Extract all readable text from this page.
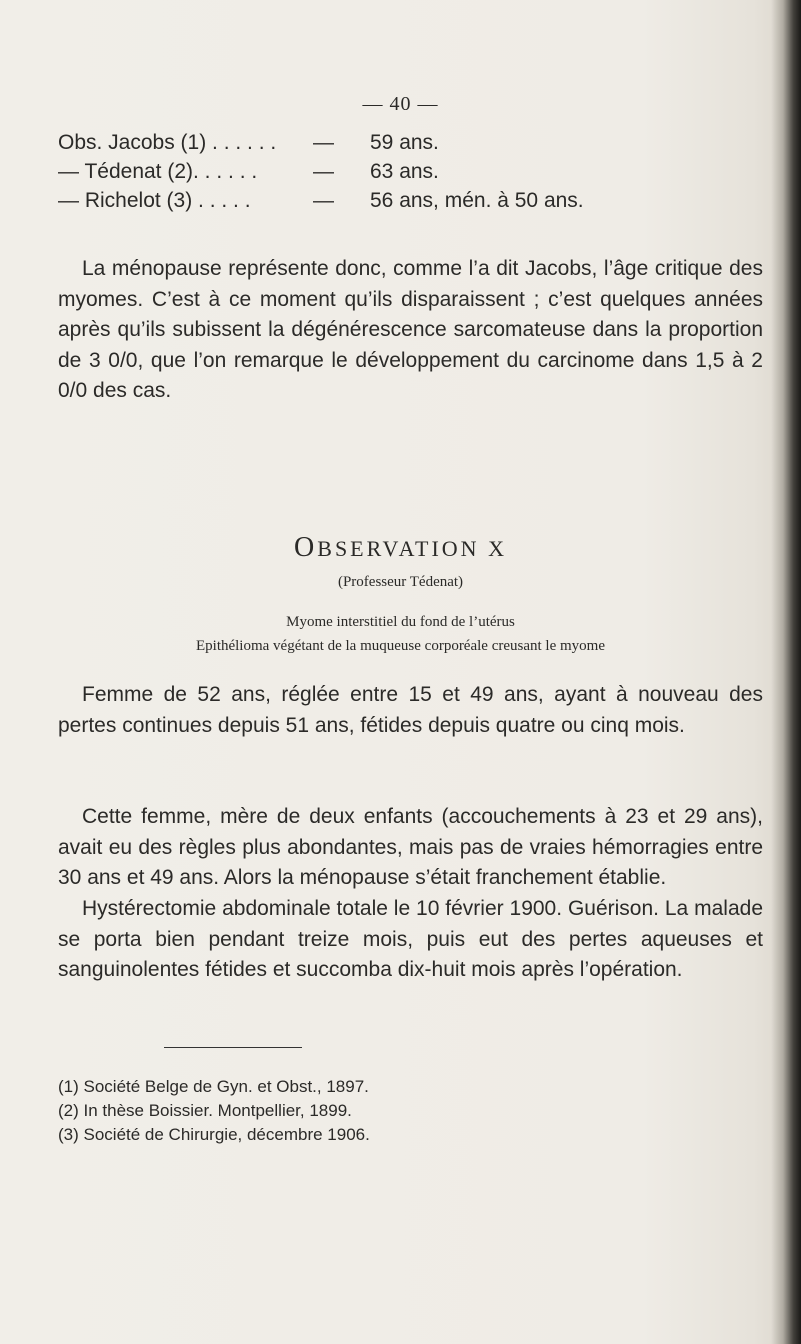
— 40 —
Obs. Jacobs (1) . . . . . . — 59 ans.
— Tédenat (2). . . . . .	— 63 ans.
— Richelot (3) . . . . .	— 56 ans, mén. à 50 ans.

La ménopause représente donc, comme l’a dit Jacobs, l’âge critique des myomes. C’est à ce moment qu’ils disparaissent ; c’est quelques années après qu’ils subissent la dégénérescence sarcomateuse dans la proportion de 3 0/0, que l’on remarque le développement du carcinome dans 1,5 à 2 0/0 des cas.

OBSERVATION X
(Professeur Tédenat)
Myome interstitiel du fond de l’utérus
Epithélioma végétant de la muqueuse corporéale creusant le myome

Femme de 52 ans, réglée entre 15 et 49 ans, ayant à nouveau des pertes continues depuis 51 ans, fétides depuis quatre ou cinq mois.

Cette femme, mère de deux enfants (accouchements à 23 et 29 ans), avait eu des règles plus abondantes, mais pas de vraies hémorragies entre 30 ans et 49 ans. Alors la ménopause s’était franchement établie.

Hystérectomie abdominale totale le 10 février 1900. Guérison. La malade se porta bien pendant treize mois, puis eut des pertes aqueuses et sanguinolentes fétides et succomba dix-huit mois après l’opération.

(1) Société Belge de Gyn. et Obst., 1897.
(2) In thèse Boissier. Montpellier, 1899.
(3) Société de Chirurgie, décembre 1906.
